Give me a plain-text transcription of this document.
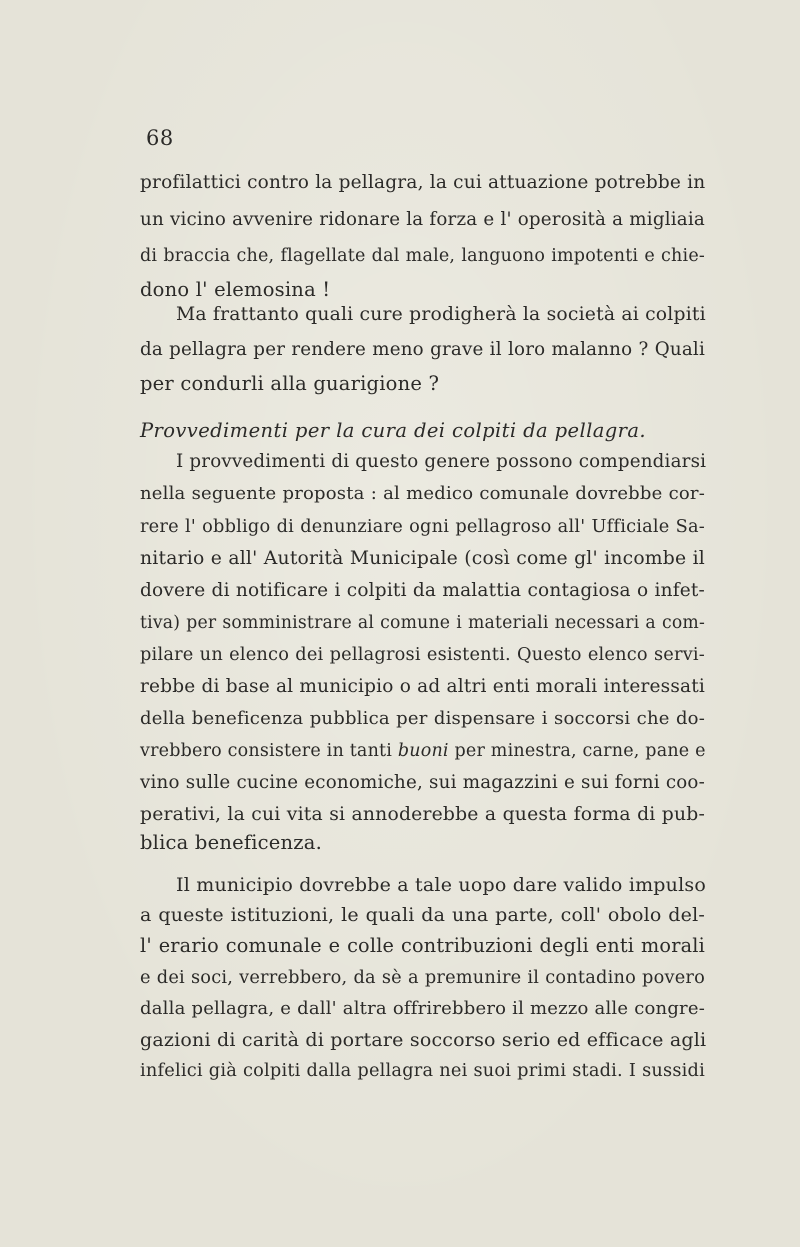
68
profilattici contro la pellagra, la cui attuazione potrebbe in
un vicino avvenire ridonare la forza e l' operosità a migliaia
di braccia che, flagellate dal male, languono impotenti e chie-
dono l' elemosina !
Ma frattanto quali cure prodigherà la società ai colpiti
da pellagra per rendere meno grave il loro malanno ? Quali
per condurli alla guarigione ?
Provvedimenti per la cura dei colpiti da pellagra.
I provvedimenti di questo genere possono compendiarsi
nella seguente proposta : al medico comunale dovrebbe cor-
rere l' obbligo di denunziare ogni pellagroso all' Ufficiale Sa-
nitario e all' Autorità Municipale (così come gl' incombe il
dovere di notificare i colpiti da malattia contagiosa o infet-
tiva) per somministrare al comune i materiali necessari a com-
pilare un elenco dei pellagrosi esistenti. Questo elenco servi-
rebbe di base al municipio o ad altri enti morali interessati
della beneficenza pubblica per dispensare i soccorsi che do-
vrebbero consistere in tanti buoni per minestra, carne, pane e
vino sulle cucine economiche, sui magazzini e sui forni coo-
perativi, la cui vita si annoderebbe a questa forma di pub-
blica beneficenza.
Il municipio dovrebbe a tale uopo dare valido impulso
a queste istituzioni, le quali da una parte, coll' obolo del-
l' erario comunale e colle contribuzioni degli enti morali
e dei soci, verrebbero, da sè a premunire il contadino povero
dalla pellagra, e dall' altra offrirebbero il mezzo alle congre-
gazioni di carità di portare soccorso serio ed efficace agli
infelici già colpiti dalla pellagra nei suoi primi stadi. I sussidi
